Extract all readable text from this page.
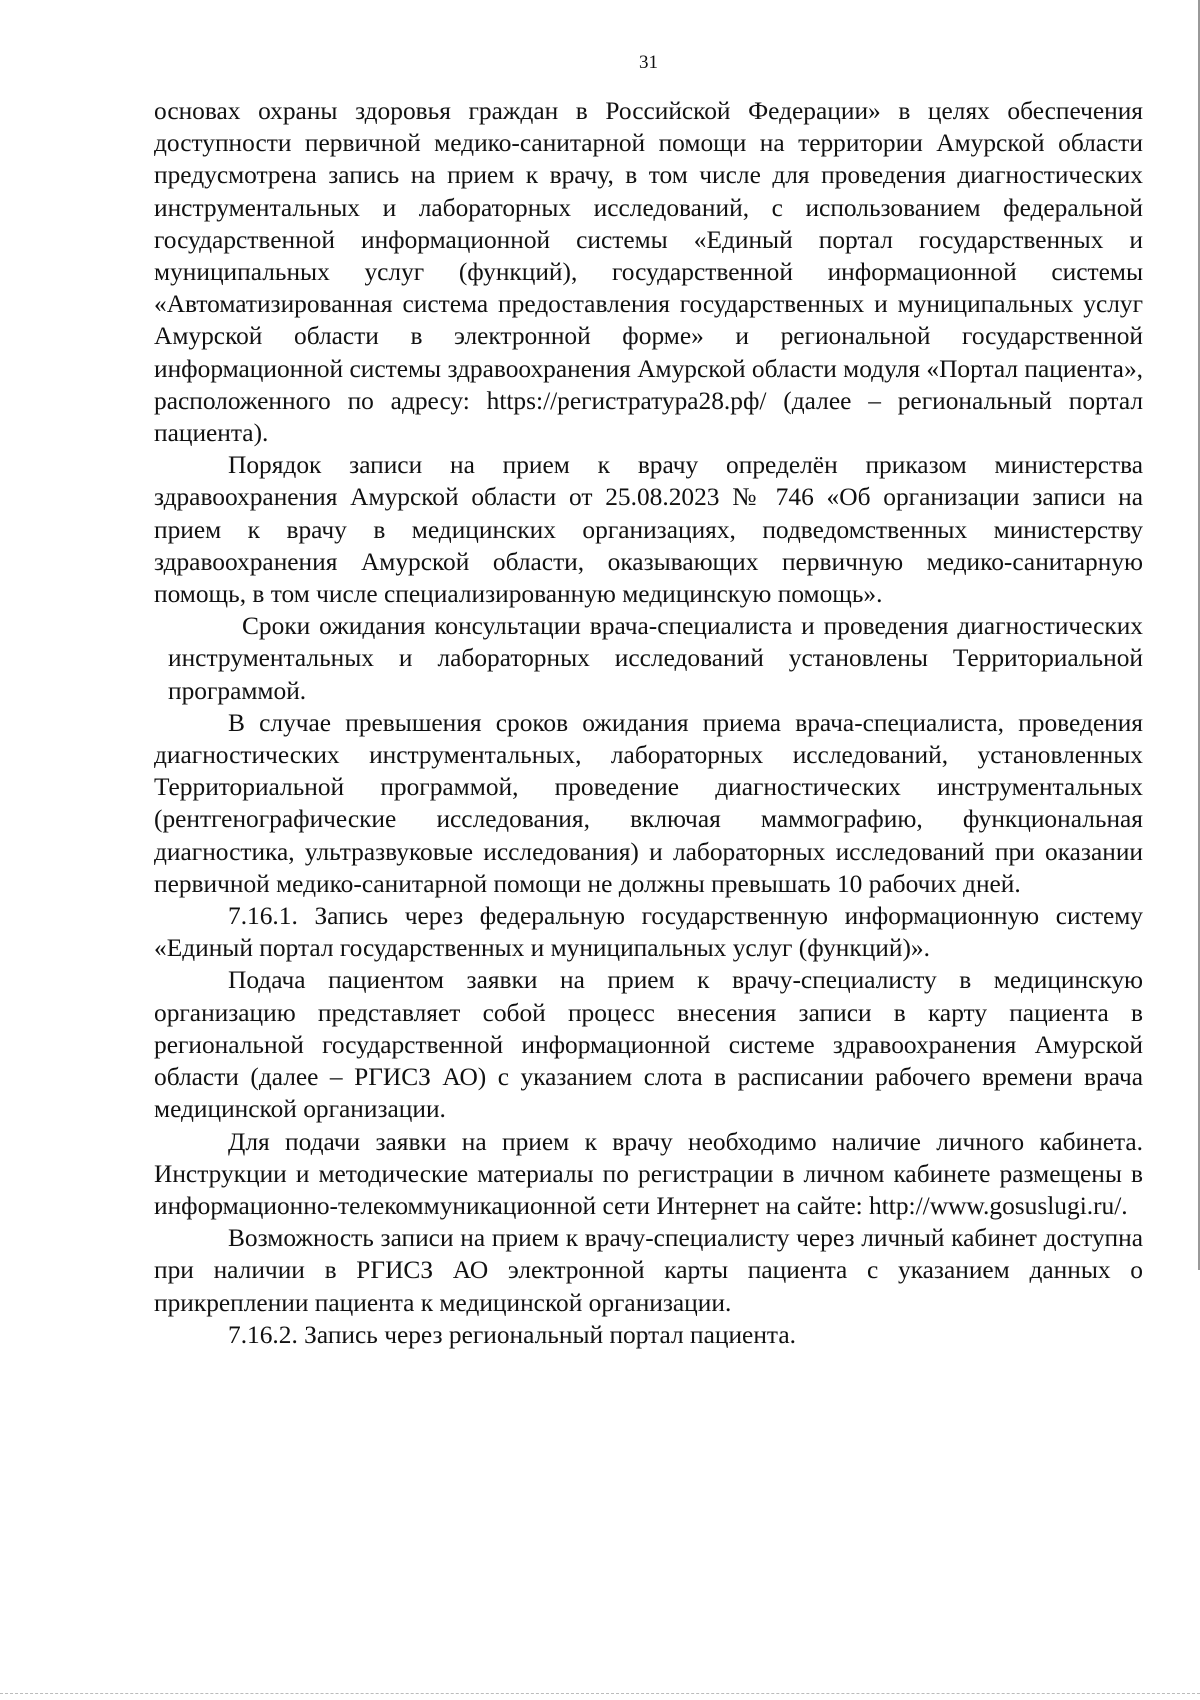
31

основах охраны здоровья граждан в Российской Федерации» в целях обеспечения доступности первичной медико-санитарной помощи на территории Амурской области предусмотрена запись на прием к врачу, в том числе для проведения диагностических инструментальных и лабораторных исследований, с использованием федеральной государственной информационной системы «Единый портал государственных и муниципальных услуг (функций), государственной информационной системы «Автоматизированная система предоставления государственных и муниципальных услуг Амурской области в электронной форме» и региональной государственной информационной системы здравоохранения Амурской области модуля «Портал пациента», расположенного по адресу: https://регистратура28.рф/ (далее – региональный портал пациента).

Порядок записи на прием к врачу определён приказом министерства здравоохранения Амурской области от 25.08.2023 № 746 «Об организации записи на прием к врачу в медицинских организациях, подведомственных министерству здравоохранения Амурской области, оказывающих первичную медико-санитарную помощь, в том числе специализированную медицинскую помощь».

Сроки ожидания консультации врача-специалиста и проведения диагностических инструментальных и лабораторных исследований установлены Территориальной программой.

В случае превышения сроков ожидания приема врача-специалиста, проведения диагностических инструментальных, лабораторных исследований, установленных Территориальной программой, проведение диагностических инструментальных (рентгенографические исследования, включая маммографию, функциональная диагностика, ультразвуковые исследования) и лабораторных исследований при оказании первичной медико-санитарной помощи не должны превышать 10 рабочих дней.

7.16.1. Запись через федеральную государственную информационную систему «Единый портал государственных и муниципальных услуг (функций)».

Подача пациентом заявки на прием к врачу-специалисту в медицинскую организацию представляет собой процесс внесения записи в карту пациента в региональной государственной информационной системе здравоохранения Амурской области (далее – РГИСЗ АО) с указанием слота в расписании рабочего времени врача медицинской организации.

Для подачи заявки на прием к врачу необходимо наличие личного кабинета. Инструкции и методические материалы по регистрации в личном кабинете размещены в информационно-телекоммуникационной сети Интернет на сайте: http://www.gosuslugi.ru/.

Возможность записи на прием к врачу-специалисту через личный кабинет доступна при наличии в РГИСЗ АО электронной карты пациента с указанием данных о прикреплении пациента к медицинской организации.

7.16.2. Запись через региональный портал пациента.
